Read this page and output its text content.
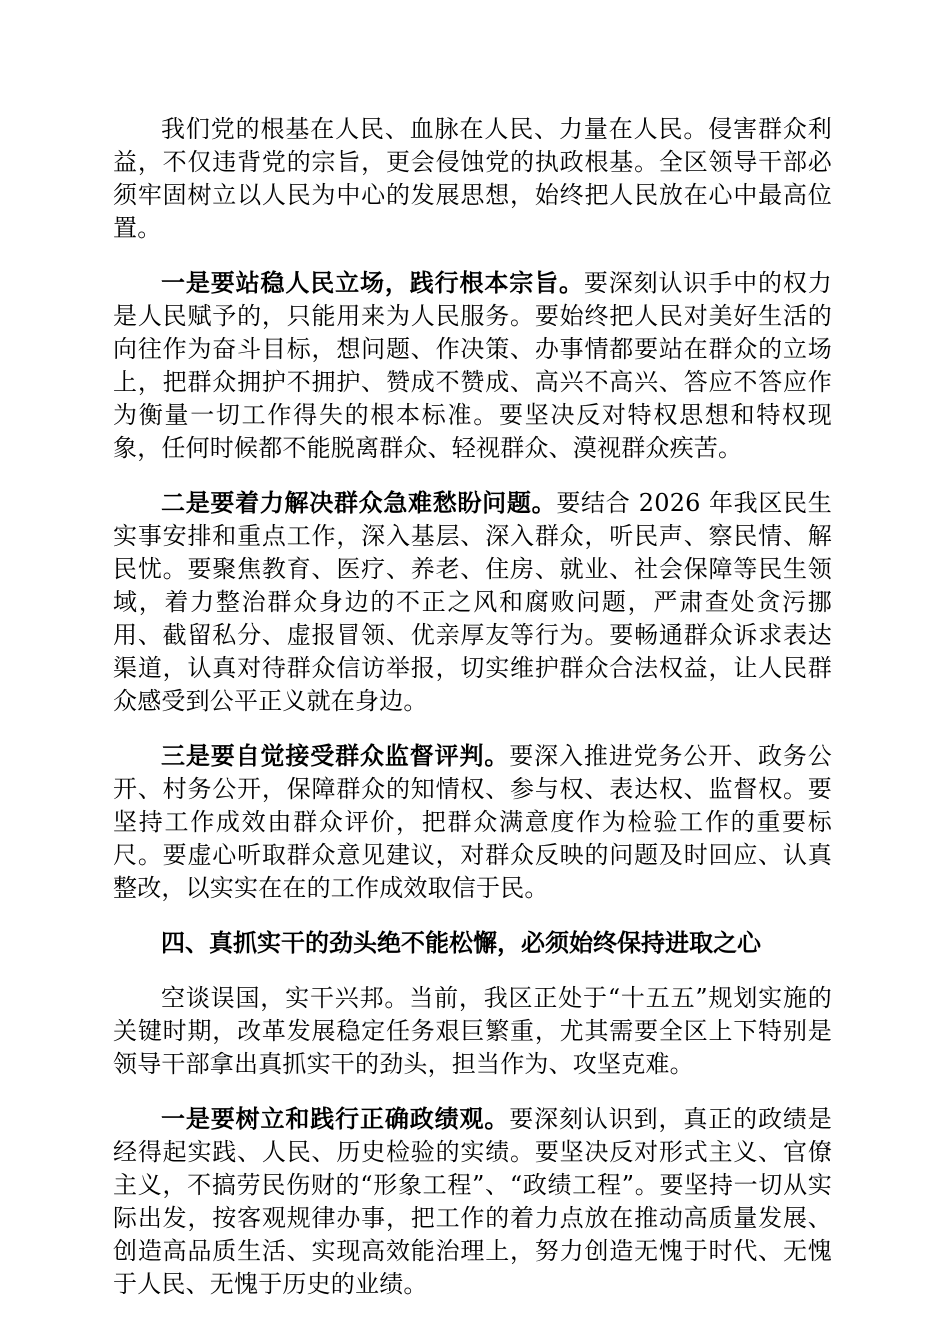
我们党的根基在人民、血脉在人民、力量在人民。侵害群众利益，不仅违背党的宗旨，更会侵蚀党的执政根基。全区领导干部必须牢固树立以人民为中心的发展思想，始终把人民放在心中最高位置。

一是要站稳人民立场，践行根本宗旨。要深刻认识手中的权力是人民赋予的，只能用来为人民服务。要始终把人民对美好生活的向往作为奋斗目标，想问题、作决策、办事情都要站在群众的立场上，把群众拥护不拥护、赞成不赞成、高兴不高兴、答应不答应作为衡量一切工作得失的根本标准。要坚决反对特权思想和特权现象，任何时候都不能脱离群众、轻视群众、漠视群众疾苦。

二是要着力解决群众急难愁盼问题。要结合 2026 年我区民生实事安排和重点工作，深入基层、深入群众，听民声、察民情、解民忧。要聚焦教育、医疗、养老、住房、就业、社会保障等民生领域，着力整治群众身边的不正之风和腐败问题，严肃查处贪污挪用、截留私分、虚报冒领、优亲厚友等行为。要畅通群众诉求表达渠道，认真对待群众信访举报，切实维护群众合法权益，让人民群众感受到公平正义就在身边。

三是要自觉接受群众监督评判。要深入推进党务公开、政务公开、村务公开，保障群众的知情权、参与权、表达权、监督权。要坚持工作成效由群众评价，把群众满意度作为检验工作的重要标尺。要虚心听取群众意见建议，对群众反映的问题及时回应、认真整改，以实实在在的工作成效取信于民。

四、真抓实干的劲头绝不能松懈，必须始终保持进取之心

空谈误国，实干兴邦。当前，我区正处于“十五五”规划实施的关键时期，改革发展稳定任务艰巨繁重，尤其需要全区上下特别是领导干部拿出真抓实干的劲头，担当作为、攻坚克难。

一是要树立和践行正确政绩观。要深刻认识到，真正的政绩是经得起实践、人民、历史检验的实绩。要坚决反对形式主义、官僚主义，不搞劳民伤财的“形象工程”、“政绩工程”。要坚持一切从实际出发，按客观规律办事，把工作的着力点放在推动高质量发展、创造高品质生活、实现高效能治理上，努力创造无愧于时代、无愧于人民、无愧于历史的业绩。
